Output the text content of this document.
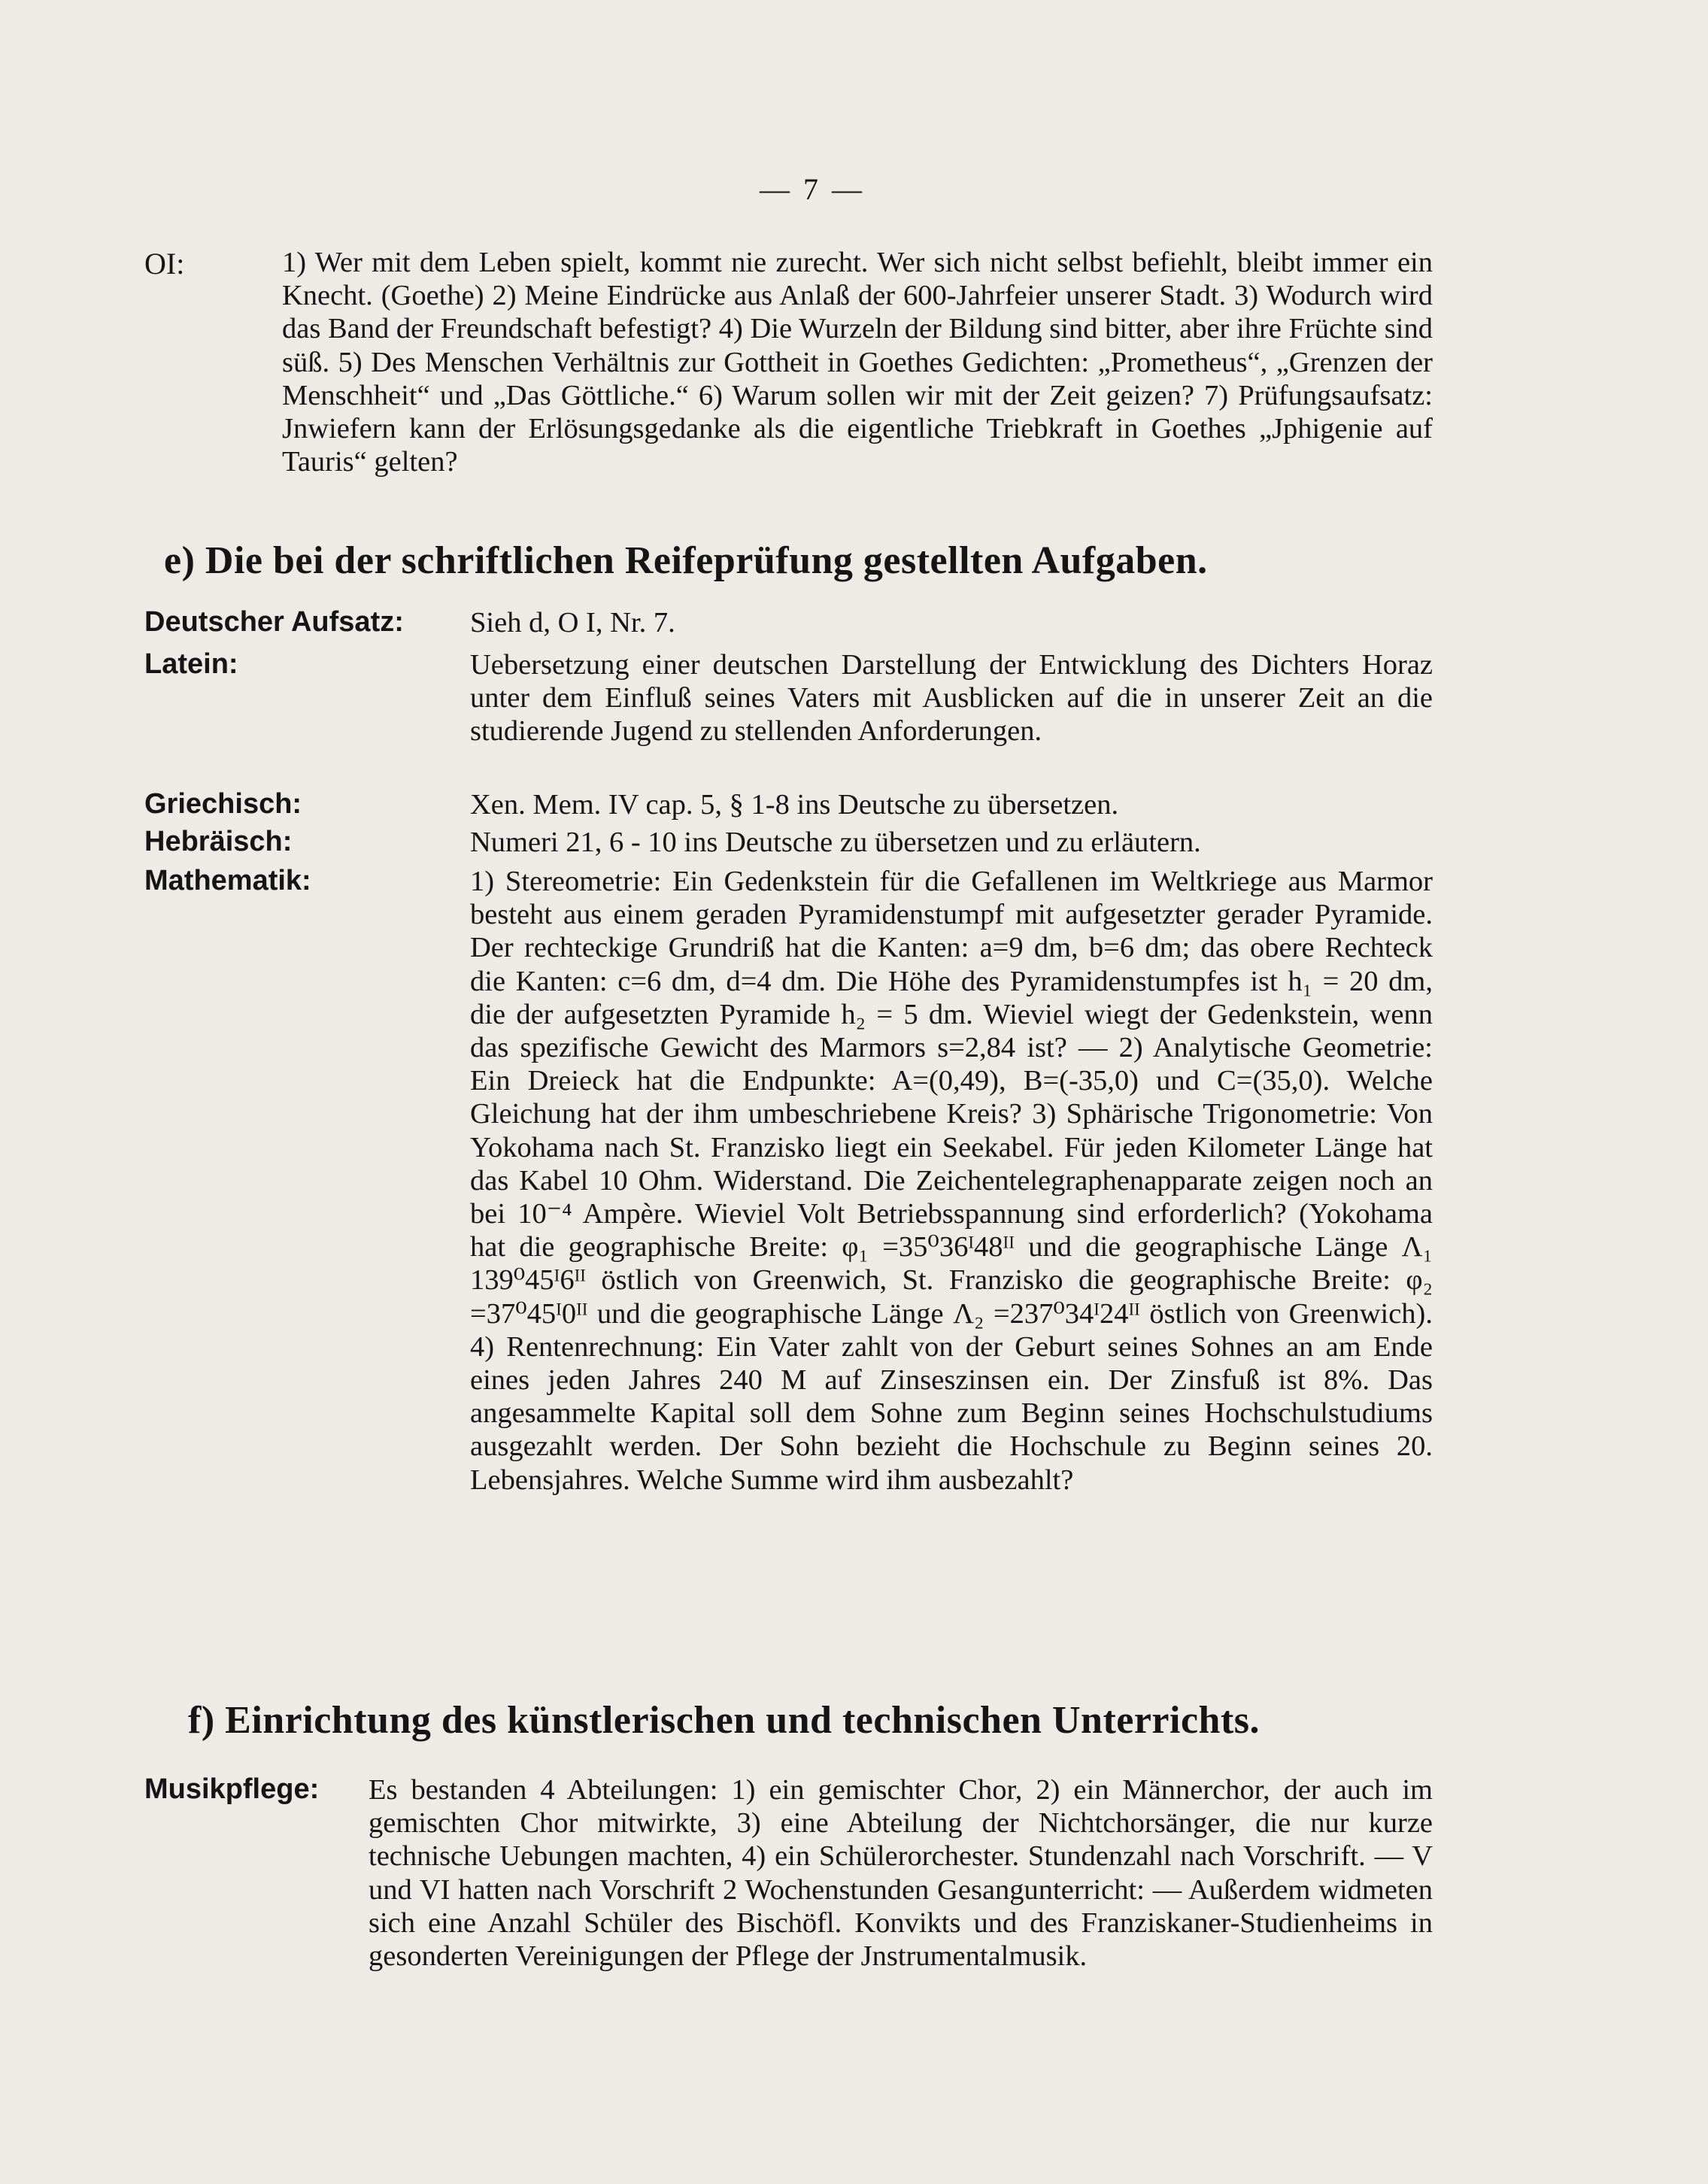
— 7 —
OI:	1) Wer mit dem Leben spielt, kommt nie zurecht. Wer sich nicht selbst befiehlt, bleibt immer ein Knecht. (Goethe) 2) Meine Eindrücke aus Anlaß der 600-Jahrfeier unserer Stadt. 3) Wodurch wird das Band der Freundschaft befestigt? 4) Die Wurzeln der Bildung sind bitter, aber ihre Früchte sind süß. 5) Des Menschen Verhältnis zur Gottheit in Goethes Gedichten: „Prometheus“, „Grenzen der Menschheit“ und „Das Göttliche.“ 6) Warum sollen wir mit der Zeit geizen? 7) Prüfungsaufsatz: Jnwiefern kann der Erlösungsgedanke als die eigentliche Triebkraft in Goethes „Jphigenie auf Tauris“ gelten?
e) Die bei der schriftlichen Reifeprüfung gestellten Aufgaben.
Deutscher Aufsatz: Sieh d, O I, Nr. 7.
Latein:	Uebersetzung einer deutschen Darstellung der Entwicklung des Dichters Horaz unter dem Einfluß seines Vaters mit Ausblicken auf die in unserer Zeit an die studierende Jugend zu stellenden Anforderungen.
Griechisch:	Xen. Mem. IV cap. 5, § 1-8 ins Deutsche zu übersetzen.
Hebräisch:	Numeri 21, 6 - 10 ins Deutsche zu übersetzen und zu erläutern.
Mathematik:	1) Stereometrie: Ein Gedenkstein für die Gefallenen im Weltkriege aus Marmor besteht aus einem geraden Pyramidenstumpf mit aufgesetzter gerader Pyramide. Der rechteckige Grundriß hat die Kanten: a=9 dm, b=6 dm; das obere Rechteck die Kanten: c=6 dm, d=4 dm. Die Höhe des Pyramidenstumpfes ist h₁ = 20 dm, die der aufgesetzten Pyramide h₂ = 5 dm. Wieviel wiegt der Gedenkstein, wenn das spezifische Gewicht des Marmors s=2,84 ist? — 2) Analytische Geometrie: Ein Dreieck hat die Endpunkte: A=(0,49), B=(-35,0) und C=(35,0). Welche Gleichung hat der ihm umbeschriebene Kreis? 3) Sphärische Trigonometrie: Von Yokohama nach St. Franzisko liegt ein Seekabel. Für jeden Kilometer Länge hat das Kabel 10 Ohm. Widerstand. Die Zeichentelegraphenapparate zeigen noch an bei 10⁻⁴ Ampère. Wieviel Volt Betriebsspannung sind erforderlich? (Yokohama hat die geographische Breite: φ₁ =35⁰36ᴵ48ᴵᴵ und die geographische Länge Λ₁ 139⁰45ᴵ6ᴵᴵ östlich von Greenwich, St. Franzisko die geographische Breite: φ₂ =37⁰45ᴵ0ᴵᴵ und die geographische Länge Λ₂ =237⁰34ᴵ24ᴵᴵ östlich von Greenwich). 4) Rentenrechnung: Ein Vater zahlt von der Geburt seines Sohnes an am Ende eines jeden Jahres 240 M auf Zinseszinsen ein. Der Zinsfuß ist 8%. Das angesammelte Kapital soll dem Sohne zum Beginn seines Hochschulstudiums ausgezahlt werden. Der Sohn bezieht die Hochschule zu Beginn seines 20. Lebensjahres. Welche Summe wird ihm ausbezahlt?
f) Einrichtung des künstlerischen und technischen Unterrichts.
Musikpflege: Es bestanden 4 Abteilungen: 1) ein gemischter Chor, 2) ein Männerchor, der auch im gemischten Chor mitwirkte, 3) eine Abteilung der Nichtchorsänger, die nur kurze technische Uebungen machten, 4) ein Schülerorchester. Stundenzahl nach Vorschrift. — V und VI hatten nach Vorschrift 2 Wochenstunden Gesangunterricht: — Außerdem widmeten sich eine Anzahl Schüler des Bischöfl. Konvikts und des Franziskaner-Studienheims in gesonderten Vereinigungen der Pflege der Jnstrumentalmusik.
